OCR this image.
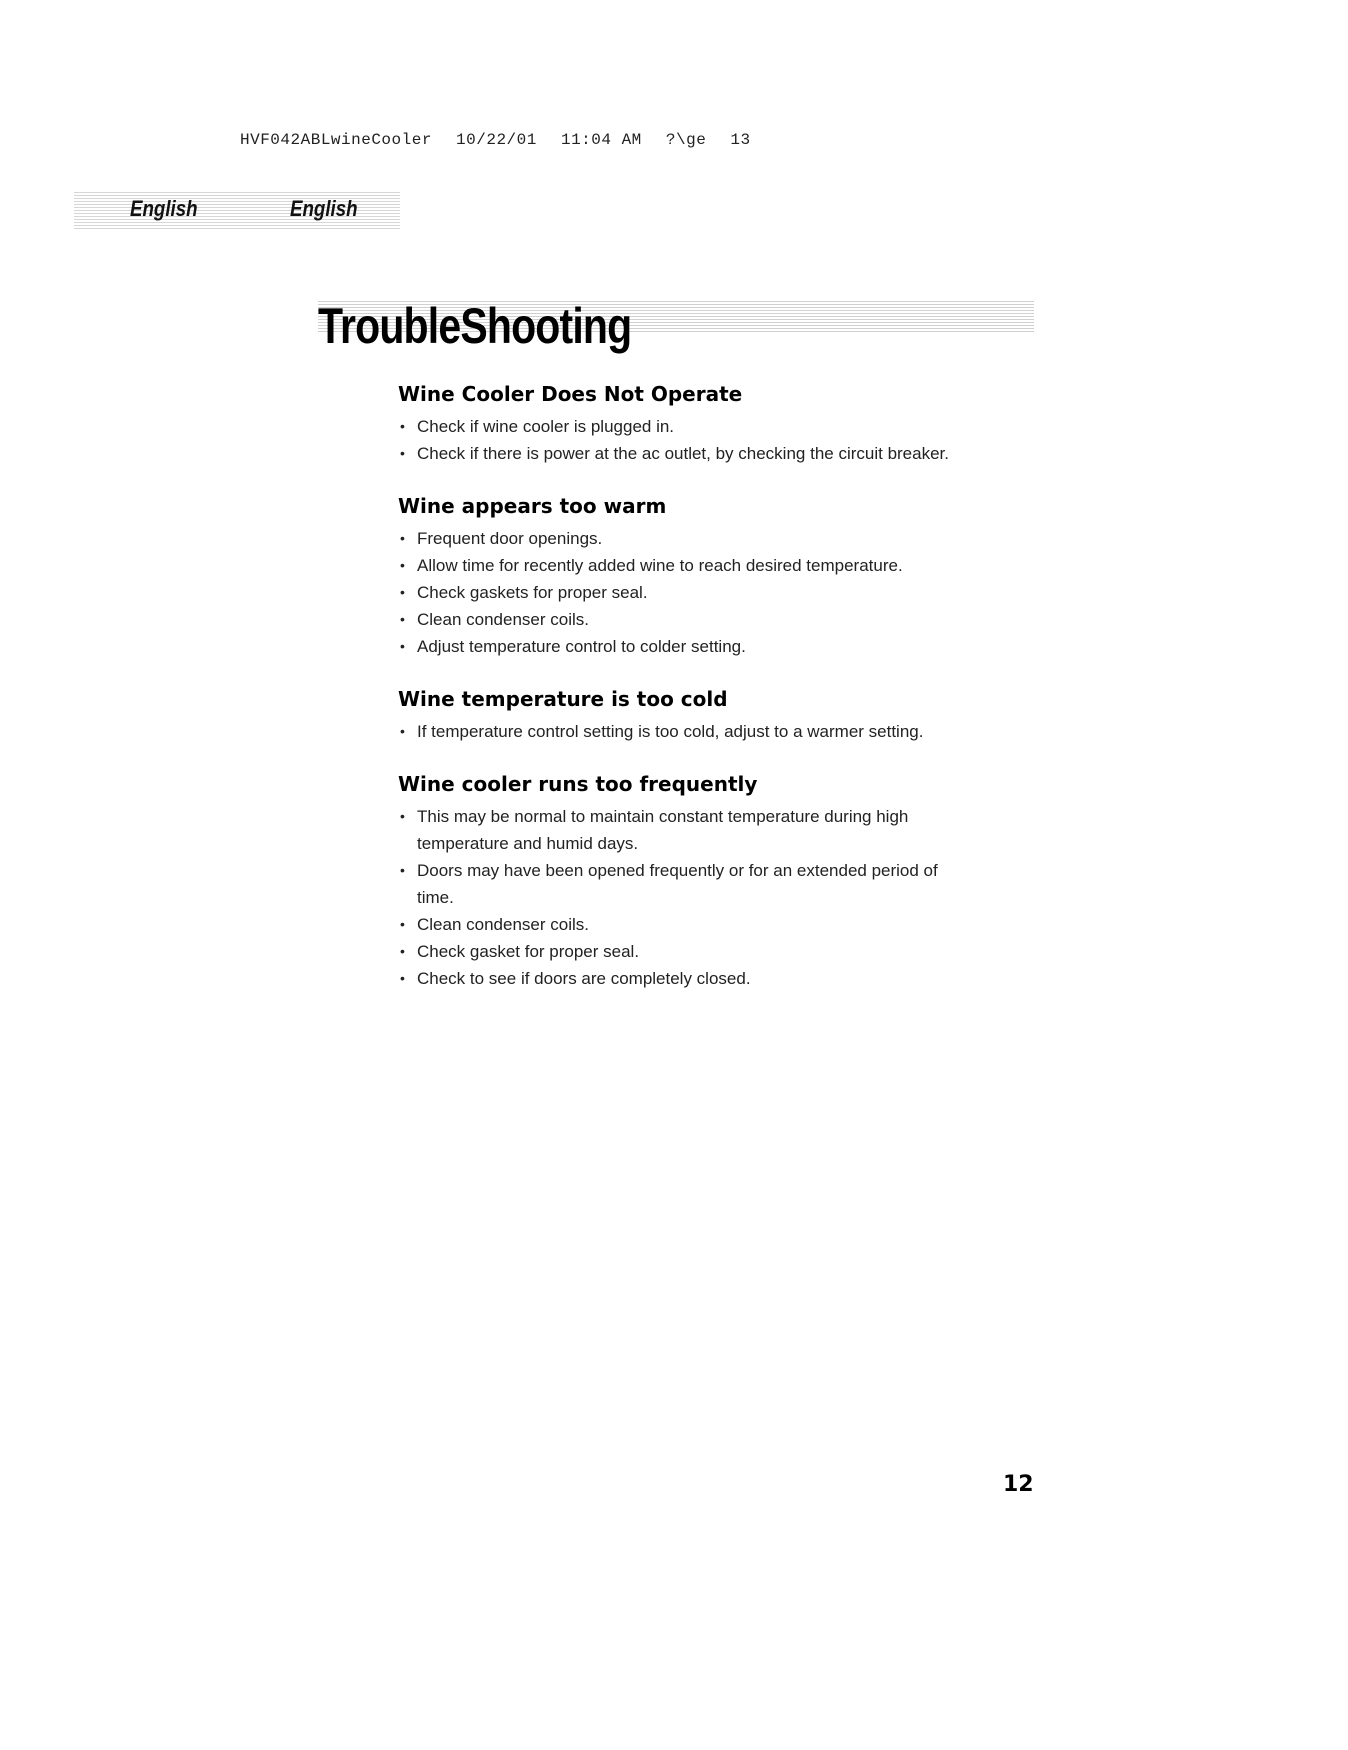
HVF042ABLwineCooler 10/22/01 11:04 AM ?\ge 13
English	English
TroubleShooting
Wine Cooler Does Not Operate
• Check if wine cooler is plugged in.
• Check if there is power at the ac outlet, by checking the circuit breaker.
Wine appears too warm
• Frequent door openings.
• Allow time for recently added wine to reach desired temperature.
• Check gaskets for proper seal.
• Clean condenser coils.
• Adjust temperature control to colder setting.
Wine temperature is too cold
• If temperature control setting is too cold, adjust to a warmer setting.
Wine cooler runs too frequently
• This may be normal to maintain constant temperature during high temperature and humid days.
• Doors may have been opened frequently or for an extended period of time.
• Clean condenser coils.
• Check gasket for proper seal.
• Check to see if doors are completely closed.
12
